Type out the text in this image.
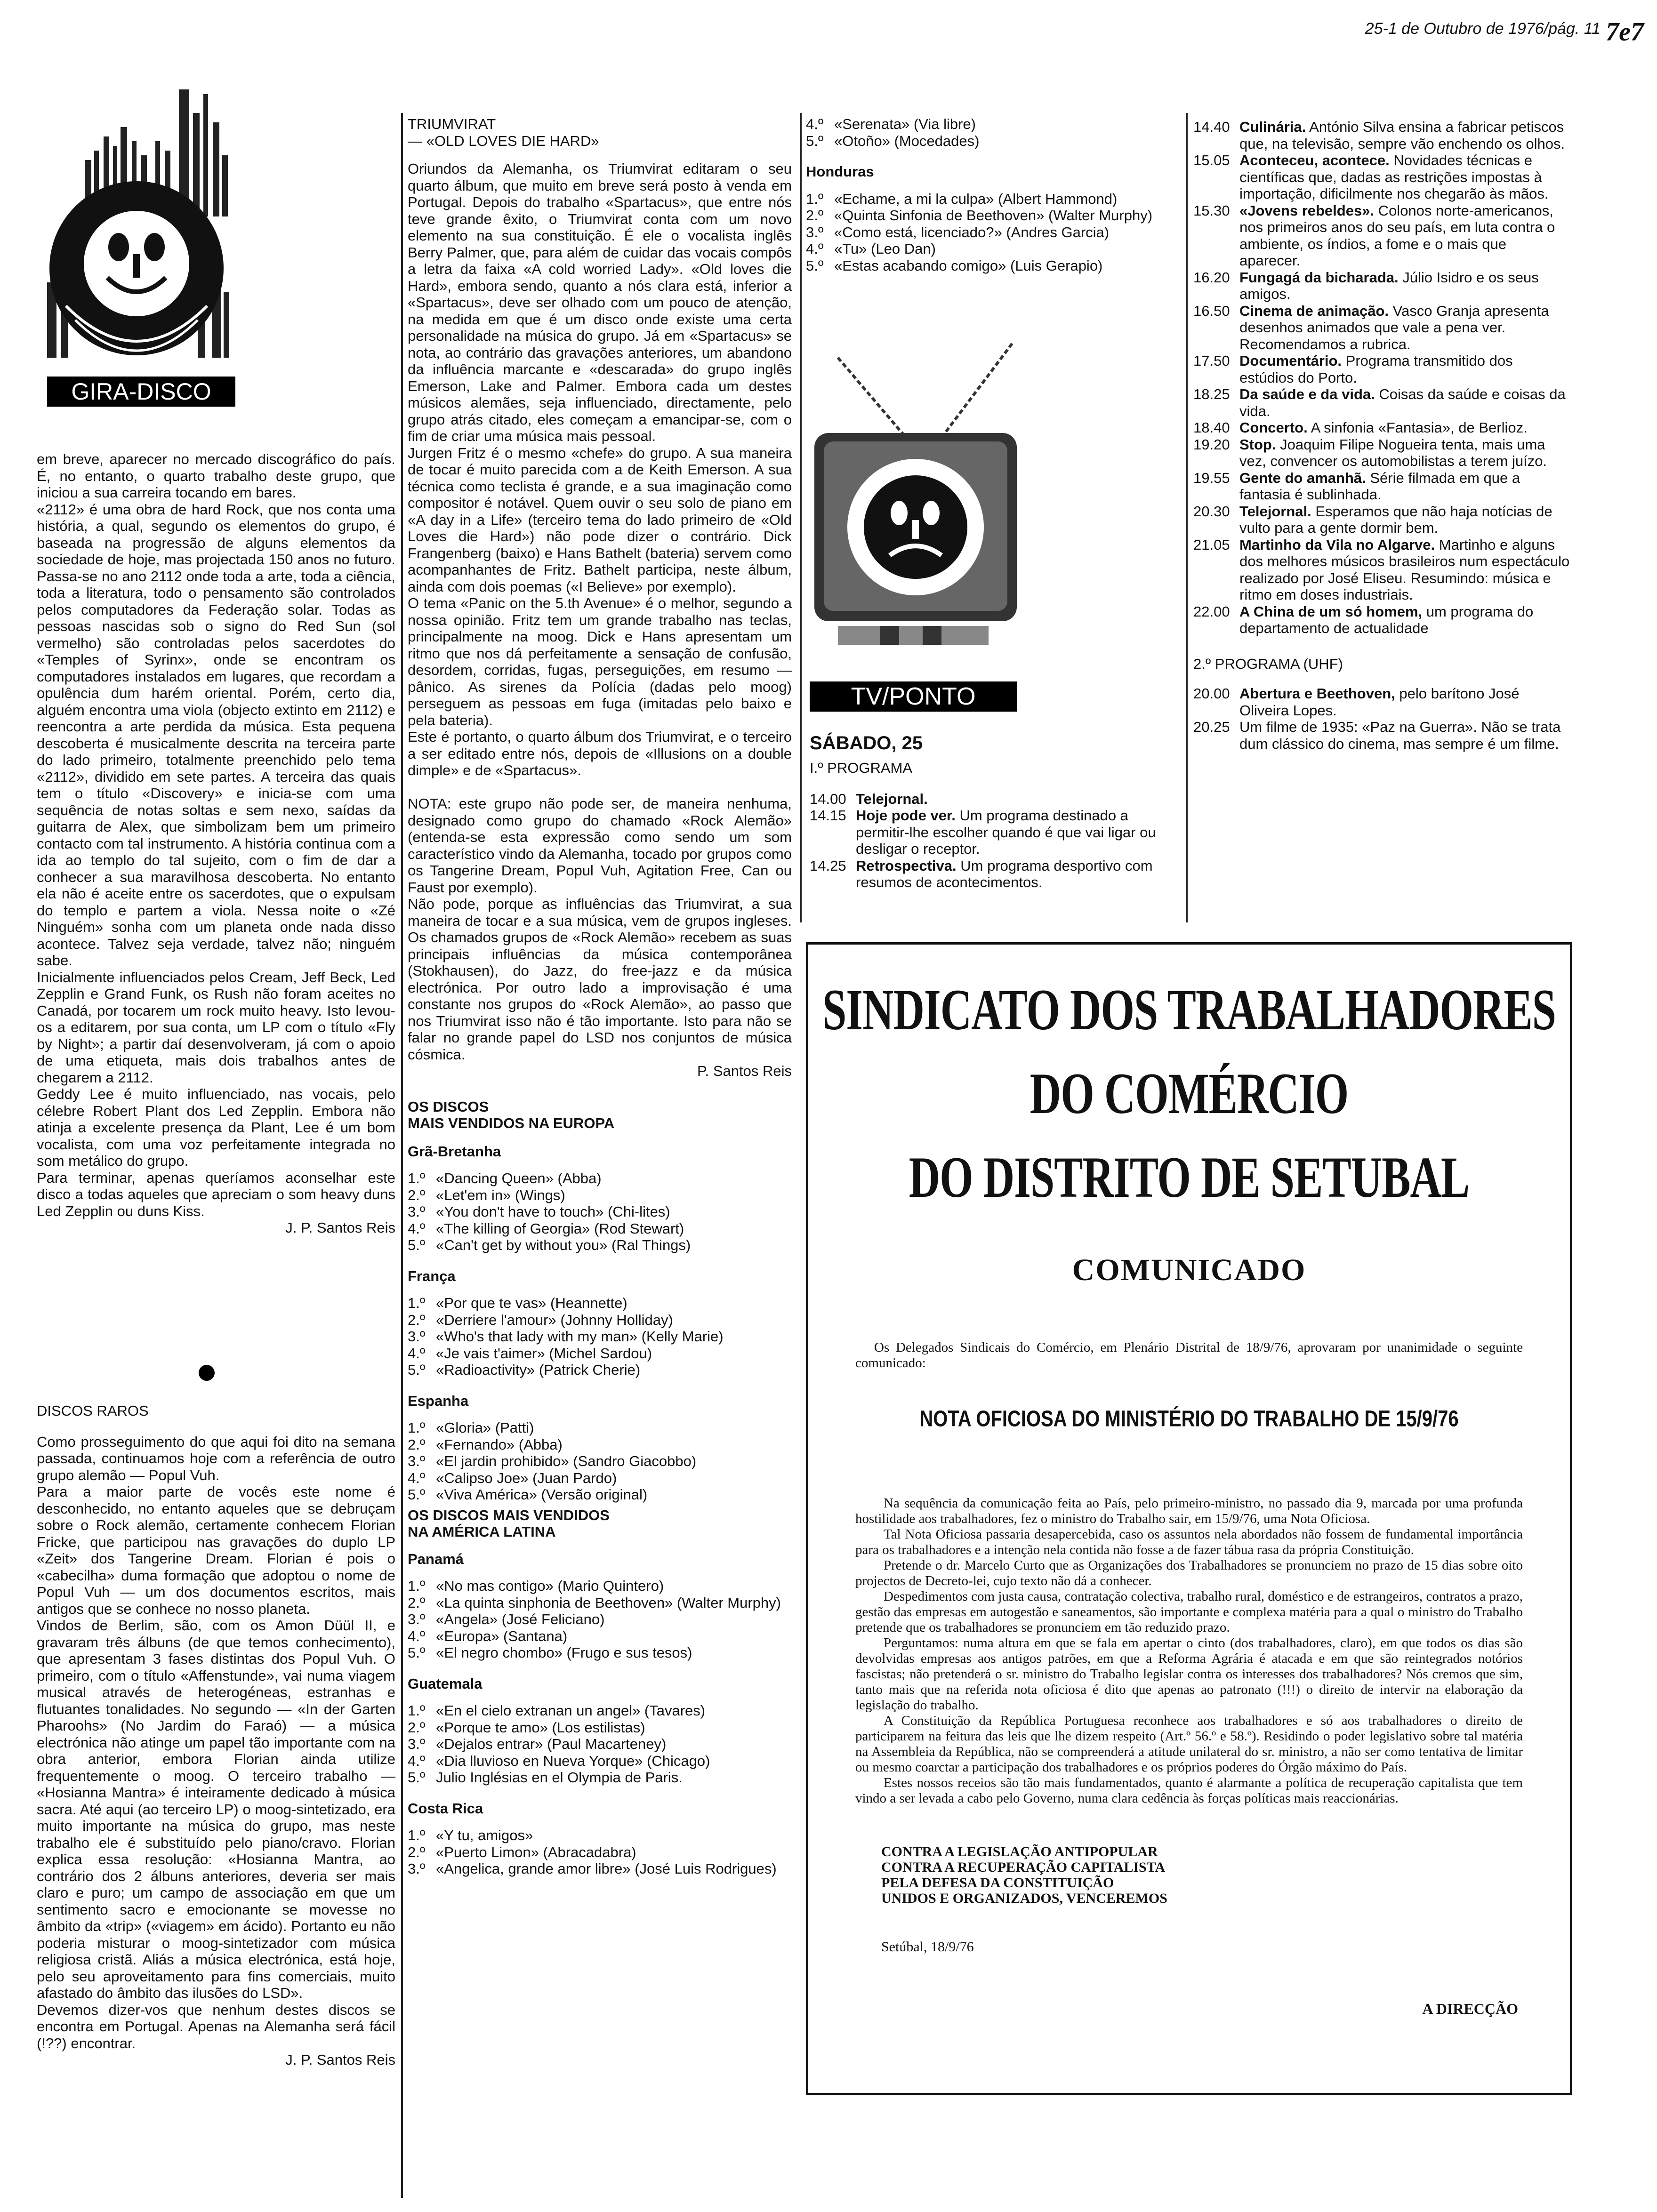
25-1 de Outubro de 1976/pág. 11 7e7
GIRA-DISCO

em breve, aparecer no mercado discográfico do país. É, no entanto, o quarto trabalho deste grupo, que iniciou a sua carreira tocando em bares.
«2112» é uma obra de hard Rock, que nos conta uma história, a qual, segundo os elementos do grupo, é baseada na progressão de alguns elementos da sociedade de hoje, mas projectada 150 anos no futuro. Passa-se no ano 2112 onde toda a arte, toda a ciência, toda a literatura, todo o pensamento são controlados pelos computadores da Federação solar. Todas as pessoas nascidas sob o signo do Red Sun (sol vermelho) são controladas pelos sacerdotes do «Temples of Syrinx», onde se encontram os computadores instalados em lugares, que recordam a opulência dum harém oriental. Porém, certo dia, alguém encontra uma viola (objecto extinto em 2112) e reencontra a arte perdida da música. Esta pequena descoberta é musicalmente descrita na terceira parte do lado primeiro, totalmente preenchido pelo tema «2112», dividido em sete partes. A terceira das quais tem o título «Discovery» e inicia-se com uma sequência de notas soltas e sem nexo, saídas da guitarra de Alex, que simbolizam bem um primeiro contacto com tal instrumento. A história continua com a ida ao templo do tal sujeito, com o fim de dar a conhecer a sua maravilhosa descoberta. No entanto ela não é aceite entre os sacerdotes, que o expulsam do templo e partem a viola. Nessa noite o «Zé Ninguém» sonha com um planeta onde nada disso acontece. Talvez seja verdade, talvez não; ninguém sabe.
Inicialmente influenciados pelos Cream, Jeff Beck, Led Zepplin e Grand Funk, os Rush não foram aceites no Canadá, por tocarem um rock muito heavy. Isto levou-os a editarem, por sua conta, um LP com o título «Fly by Night»; a partir daí desenvolveram, já com o apoio de uma etiqueta, mais dois trabalhos antes de chegarem a 2112.
Geddy Lee é muito influenciado, nas vocais, pelo célebre Robert Plant dos Led Zepplin. Embora não atinja a excelente presença da Plant, Lee é um bom vocalista, com uma voz perfeitamente integrada no som metálico do grupo.
Para terminar, apenas queríamos aconselhar este disco a todas aqueles que apreciam o som heavy duns Led Zepplin ou duns Kiss.

J. P. Santos Reis

DISCOS RAROS

Como prosseguimento do que aqui foi dito na semana passada, continuamos hoje com a referência de outro grupo alemão — Popul Vuh.
Para a maior parte de vocês este nome é desconhecido, no entanto aqueles que se debruçam sobre o Rock alemão, certamente conhecem Florian Fricke, que participou nas gravações do duplo LP «Zeit» dos Tangerine Dream. Florian é pois o «cabecilha» duma formação que adoptou o nome de Popul Vuh — um dos documentos escritos, mais antigos que se conhece no nosso planeta.
Vindos de Berlim, são, com os Amon Düül II, e gravaram três álbuns (de que temos conhecimento), que apresentam 3 fases distintas dos Popul Vuh. O primeiro, com o título «Affenstunde», vai numa viagem musical através de heterogéneas, estranhas e flutuantes tonalidades. No segundo — «In der Garten Pharoohs» (No Jardim do Faraó) — a música electrónica não atinge um papel tão importante com na obra anterior, embora Florian ainda utilize frequentemente o moog. O terceiro trabalho — «Hosianna Mantra» é inteiramente dedicado à música sacra. Até aqui (ao terceiro LP) o moog-sintetizado, era muito importante na música do grupo, mas neste trabalho ele é substituído pelo piano/cravo. Florian explica essa resolução: «Hosianna Mantra, ao contrário dos 2 álbuns anteriores, deveria ser mais claro e puro; um campo de associação em que um sentimento sacro e emocionante se movesse no âmbito da «trip» («viagem» em ácido). Portanto eu não poderia misturar o moog-sintetizador com música religiosa cristã. Aliás a música electrónica, está hoje, pelo seu aproveitamento para fins comerciais, muito afastado do âmbito das ilusões do LSD».
Devemos dizer-vos que nenhum destes discos se encontra em Portugal. Apenas na Alemanha será fácil (!??) encontrar.

J. P. Santos Reis

TRIUMVIRAT

— «OLD LOVES DIE HARD»

Oriundos da Alemanha, os Triumvirat editaram o seu quarto álbum, que muito em breve será posto à venda em Portugal. Depois do trabalho «Spartacus», que entre nós teve grande êxito, o Triumvirat conta com um novo elemento na sua constituição. É ele o vocalista inglês Berry Palmer, que, para além de cuidar das vocais compôs a letra da faixa «A cold worried Lady». «Old loves die Hard», embora sendo, quanto a nós clara está, inferior a «Spartacus», deve ser olhado com um pouco de atenção, na medida em que é um disco onde existe uma certa personalidade na música do grupo. Já em «Spartacus» se nota, ao contrário das gravações anteriores, um abandono da influência marcante e «descarada» do grupo inglês Emerson, Lake and Palmer. Embora cada um destes músicos alemães, seja influenciado, directamente, pelo grupo atrás citado, eles começam a emancipar-se, com o fim de criar uma música mais pessoal.
Jurgen Fritz é o mesmo «chefe» do grupo. A sua maneira de tocar é muito parecida com a de Keith Emerson. A sua técnica como teclista é grande, e a sua imaginação como compositor é notável. Quem ouvir o seu solo de piano em «A day in a Life» (terceiro tema do lado primeiro de «Old Loves die Hard») não pode dizer o contrário. Dick Frangenberg (baixo) e Hans Bathelt (bateria) servem como acompanhantes de Fritz. Bathelt participa, neste álbum, ainda com dois poemas («I Believe» por exemplo).
O tema «Panic on the 5.th Avenue» é o melhor, segundo a nossa opinião. Fritz tem um grande trabalho nas teclas, principalmente na moog. Dick e Hans apresentam um ritmo que nos dá perfeitamente a sensação de confusão, desordem, corridas, fugas, perseguições, em resumo — pânico. As sirenes da Polícia (dadas pelo moog) perseguem as pessoas em fuga (imitadas pelo baixo e pela bateria).
Este é portanto, o quarto álbum dos Triumvirat, e o terceiro a ser editado entre nós, depois de «Illusions on a double dimple» e de «Spartacus».

NOTA: este grupo não pode ser, de maneira nenhuma, designado como grupo do chamado «Rock Alemão» (entenda-se esta expressão como sendo um som característico vindo da Alemanha, tocado por grupos como os Tangerine Dream, Popul Vuh, Agitation Free, Can ou Faust por exemplo).
Não pode, porque as influências das Triumvirat, a sua maneira de tocar e a sua música, vem de grupos ingleses. Os chamados grupos de «Rock Alemão» recebem as suas principais influências da música contemporânea (Stokhausen), do Jazz, do free-jazz e da música electrónica. Por outro lado a improvisação é uma constante nos grupos do «Rock Alemão», ao passo que nos Triumvirat isso não é tão importante. Isto para não se falar no grande papel do LSD nos conjuntos de música cósmica.

P. Santos Reis

OS DISCOS

MAIS VENDIDOS NA EUROPA

Grã-Bretanha

1.º «Dancing Queen» (Abba)
2.º «Let'em in» (Wings)
3.º «You don't have to touch» (Chi-lites)
4.º «The killing of Georgia» (Rod Stewart)
5.º «Can't get by without you» (Ral Things)

França

1.º «Por que te vas» (Heannette)
2.º «Derriere l'amour» (Johnny Holliday)
3.º «Who's that lady with my man» (Kelly Marie)
4.º «Je vais t'aimer» (Michel Sardou)
5.º «Radioactivity» (Patrick Cherie)

Espanha

1.º «Gloria» (Patti)
2.º «Fernando» (Abba)
3.º «El jardin prohibido» (Sandro Giacobbo)
4.º «Calipso Joe» (Juan Pardo)
5.º «Viva América» (Versão original)

OS DISCOS MAIS VENDIDOS

NA AMÉRICA LATINA

Panamá

1.º «No mas contigo» (Mario Quintero)
2.º «La quinta sinphonia de Beethoven» (Walter Murphy)
3.º «Angela» (José Feliciano)
4.º «Europa» (Santana)
5.º «El negro chombo» (Frugo e sus tesos)

Guatemala

1.º «En el cielo extranan un angel» (Tavares)
2.º «Porque te amo» (Los estilistas)
3.º «Dejalos entrar» (Paul Macarteney)
4.º «Dia lluvioso en Nueva Yorque» (Chicago)
5.º Julio Inglésias en el Olympia de Paris.

Costa Rica

1.º «Y tu, amigos»
2.º «Puerto Limon» (Abracadabra)
3.º «Angelica, grande amor libre» (José Luis Rodrigues)
4.º «Serenata» (Via libre)
5.º «Otoño» (Mocedades)

Honduras

1.º «Echame, a mi la culpa» (Albert Hammond)
2.º «Quinta Sinfonia de Beethoven» (Walter Murphy)
3.º «Como está, licenciado?» (Andres Garcia)
4.º «Tu» (Leo Dan)
5.º «Estas acabando comigo» (Luis Gerapio)
TV/PONTO

SÁBADO, 25

I.º PROGRAMA

14.00 Telejornal.
14.15 Hoje pode ver. Um programa destinado a permitir-lhe escolher quando é que vai ligar ou desligar o receptor.
14.25 Retrospectiva. Um programa desportivo com resumos de acontecimentos.
14.40 Culinária. António Silva ensina a fabricar petiscos que, na televisão, sempre vão enchendo os olhos.
15.05 Aconteceu, acontece. Novidades técnicas e científicas que, dadas as restrições impostas à importação, dificilmente nos chegarão às mãos.
15.30 «Jovens rebeldes». Colonos norte-americanos, nos primeiros anos do seu país, em luta contra o ambiente, os índios, a fome e o mais que aparecer.
16.20 Fungagá da bicharada. Júlio Isidro e os seus amigos.
16.50 Cinema de animação. Vasco Granja apresenta desenhos animados que vale a pena ver. Recomendamos a rubrica.
17.50 Documentário. Programa transmitido dos estúdios do Porto.
18.25 Da saúde e da vida. Coisas da saúde e coisas da vida.
18.40 Concerto. A sinfonia «Fantasia», de Berlioz.
19.20 Stop. Joaquim Filipe Nogueira tenta, mais uma vez, convencer os automobilistas a terem juízo.
19.55 Gente do amanhã. Série filmada em que a fantasia é sublinhada.
20.30 Telejornal. Esperamos que não haja notícias de vulto para a gente dormir bem.
21.05 Martinho da Vila no Algarve. Martinho e alguns dos melhores músicos brasileiros num espectáculo realizado por José Eliseu. Resumindo: música e ritmo em doses industriais.
22.00 A China de um só homem, um programa do departamento de actualidade

2.º PROGRAMA (UHF)

20.00 Abertura e Beethoven, pelo barítono José Oliveira Lopes.
20.25 Um filme de 1935: «Paz na Guerra». Não se trata dum clássico do cinema, mas sempre é um filme.
SINDICATO DOS TRABALHADORES
DO COMÉRCIO
DO DISTRITO DE SETUBAL
COMUNICADO
Os Delegados Sindicais do Comércio, em Plenário Distrital de 18/9/76, aprovaram por unanimidade o seguinte comunicado:
NOTA OFICIOSA DO MINISTÉRIO DO TRABALHO DE 15/9/76

Na sequência da comunicação feita ao País, pelo primeiro-ministro, no passado dia 9, marcada por uma profunda hostilidade aos trabalhadores, fez o ministro do Trabalho sair, em 15/9/76, uma Nota Oficiosa.

Tal Nota Oficiosa passaria desapercebida, caso os assuntos nela abordados não fossem de fundamental importância para os trabalhadores e a intenção nela contida não fosse a de fazer tábua rasa da própria Constituição.

Pretende o dr. Marcelo Curto que as Organizações dos Trabalhadores se pronunciem no prazo de 15 dias sobre oito projectos de Decreto-lei, cujo texto não dá a conhecer.

Despedimentos com justa causa, contratação colectiva, trabalho rural, doméstico e de estrangeiros, contratos a prazo, gestão das empresas em autogestão e saneamentos, são importante e complexa matéria para a qual o ministro do Trabalho pretende que os trabalhadores se pronunciem em tão reduzido prazo.

Perguntamos: numa altura em que se fala em apertar o cinto (dos trabalhadores, claro), em que todos os dias são devolvidas empresas aos antigos patrões, em que a Reforma Agrária é atacada e em que são reintegrados notórios fascistas; não pretenderá o sr. ministro do Trabalho legislar contra os interesses dos trabalhadores? Nós cremos que sim, tanto mais que na referida nota oficiosa é dito que apenas ao patronato (!!!) o direito de intervir na elaboração da legislação do trabalho.

A Constituição da República Portuguesa reconhece aos trabalhadores e só aos trabalhadores o direito de participarem na feitura das leis que lhe dizem respeito (Art.º 56.º e 58.º). Residindo o poder legislativo sobre tal matéria na Assembleia da República, não se compreenderá a atitude unilateral do sr. ministro, a não ser como tentativa de limitar ou mesmo coarctar a participação dos trabalhadores e os próprios poderes do Órgão máximo do País.

Estes nossos receios são tão mais fundamentados, quanto é alarmante a política de recuperação capitalista que tem vindo a ser levada a cabo pelo Governo, numa clara cedência às forças políticas mais reaccionárias.

CONTRA A LEGISLAÇÃO ANTIPOPULAR
CONTRA A RECUPERAÇÃO CAPITALISTA
PELA DEFESA DA CONSTITUIÇÃO
UNIDOS E ORGANIZADOS, VENCEREMOS
Setúbal, 18/9/76
A DIRECÇÃO
